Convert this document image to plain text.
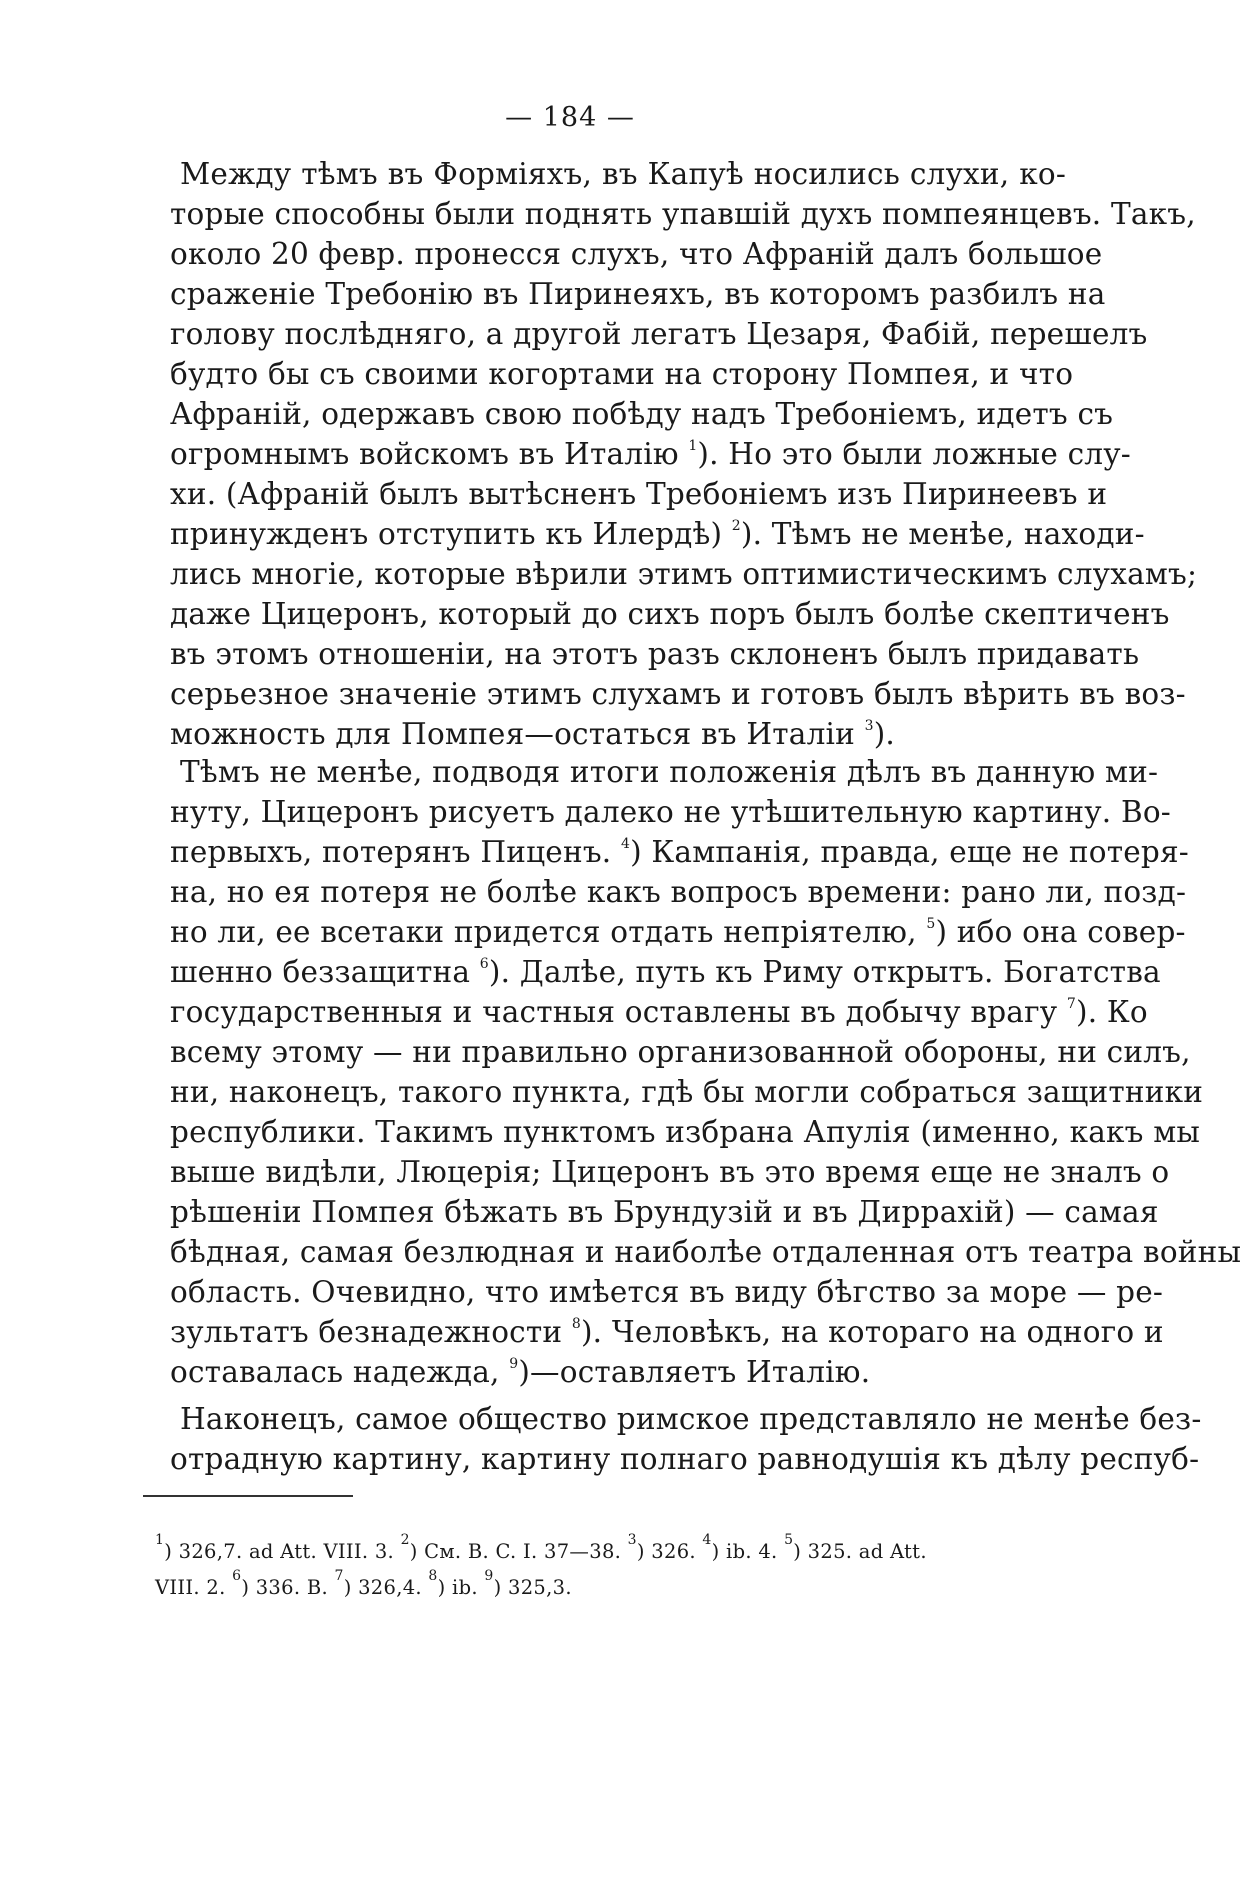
— 184 —
Между тѣмъ въ Формiяхъ, въ Капуѣ носились слухи, ко-
торые способны были поднять упавшiй духъ помпеянцевъ. Такъ,
около 20 февр. пронесся слухъ, что Афранiй далъ большое
сраженiе Требонiю въ Пиринеяхъ, въ которомъ разбилъ на
голову послѣдняго, а другой легатъ Цезаря, Фабiй, перешелъ
будто бы съ своими когортами на сторону Помпея, и что
Афранiй, одержавъ свою побѣду надъ Требонiемъ, идетъ съ
огромнымъ войскомъ въ Италiю $^1$). Но это были ложные слу-
хи. (Афранiй былъ вытѣсненъ Требонiемъ изъ Пиринеевъ и
принужденъ отступить къ Илердѣ) $^2$). Тѣмъ не менѣе, находи-
лись многiе, которые вѣрили этимъ оптимистическимъ слухамъ;
даже Цицеронъ, который до сихъ поръ былъ болѣе скептиченъ
въ этомъ отношенiи, на этотъ разъ склоненъ былъ придавать
серьезное значенiе этимъ слухамъ и готовъ былъ вѣрить въ воз-
можность для Помпея—остаться въ Италiи $^3$).
Тѣмъ не менѣе, подводя итоги положенiя дѣлъ въ данную ми-
нуту, Цицеронъ рисуетъ далеко не утѣшительную картину. Во-
первыхъ, потерянъ Пиценъ. $^4$) Кампанiя, правда, еще не потеря-
на, но ея потеря не болѣе какъ вопросъ времени: рано ли, позд-
но ли, ее всетаки придется отдать непрiятелю, $^5$) ибо она совер-
шенно беззащитна $^6$). Далѣе, путь къ Риму открытъ. Богатства
государственныя и частныя оставлены въ добычу врагу $^7$). Ко
всему этому — ни правильно организованной обороны, ни силъ,
ни, наконецъ, такого пункта, гдѣ бы могли собраться защитники
республики. Такимъ пунктомъ избрана Апулiя (именно, какъ мы
выше видѣли, Люцерiя; Цицеронъ въ это время еще не зналъ о
рѣшенiи Помпея бѣжать въ Брундузiй и въ Диррахiй) — самая
бѣдная, самая безлюдная и наиболѣе отдаленная отъ театра войны
область. Очевидно, что имѣется въ виду бѣгство за море — ре-
зультатъ безнадежности $^8$). Человѣкъ, на котораго на одного и
оставалась надежда, $^9$)—оставляетъ Италiю.
Наконецъ, самое общество римское представляло не менѣе без-
отрадную картину, картину полнаго равнодушiя къ дѣлу респуб-
$^1$) 326,7. ad Att. VIII. 3. $^2$) См. B. C. I. 37—38. $^3$) 326. $^4$) ib. 4. $^5$) 325. ad Att.
VIII. 2. $^6$) 336. B. $^7$) 326,4. $^8$) ib. $^9$) 325,3.
